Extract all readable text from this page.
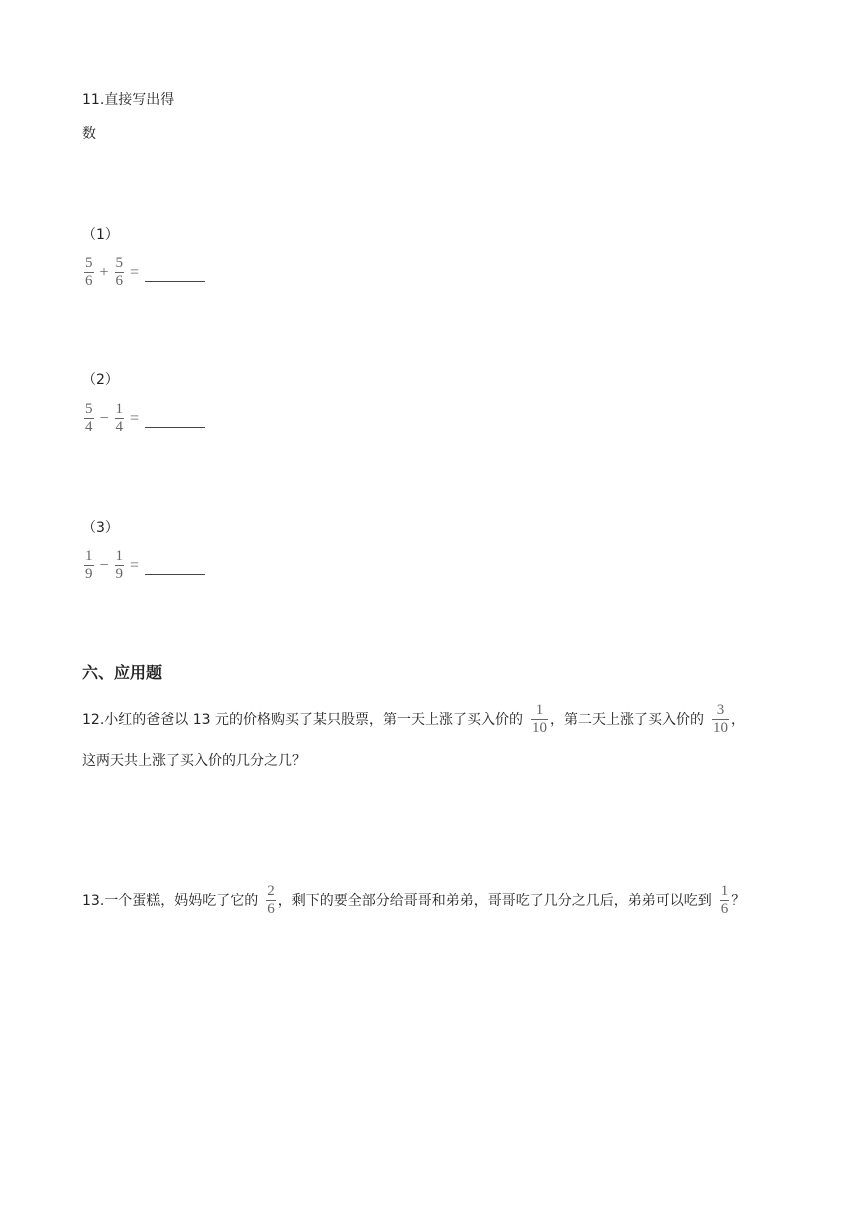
11.直接写出得
数
（1）
$\frac{5}{6} + \frac{5}{6}$ =
（2）
$\frac{5}{4} - \frac{1}{4}$ =
（3）
$\frac{1}{9} - \frac{1}{9}$ =
六、应用题
12.小红的爸爸以 13 元的价格购买了某只股票，第一天上涨了买入价的 $\frac{1}{10}$ ，第二天上涨了买入价的 $\frac{3}{10}$ ，
这两天共上涨了买入价的几分之几？
13.一个蛋糕，妈妈吃了它的 $\frac{2}{6}$ ，剩下的要全部分给哥哥和弟弟，哥哥吃了几分之几后，弟弟可以吃到 $\frac{1}{6}$ ？
